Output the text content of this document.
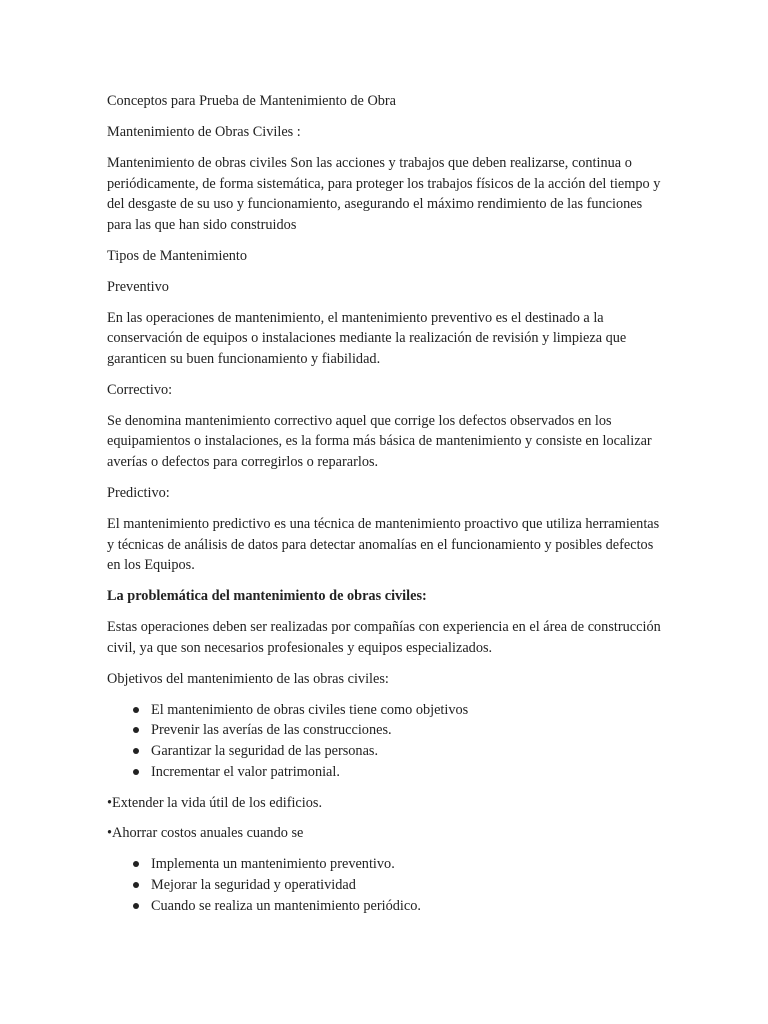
Conceptos para Prueba de Mantenimiento de Obra

Mantenimiento de Obras Civiles :

Mantenimiento de obras civiles Son las acciones y trabajos que deben realizarse, continua o periódicamente, de forma sistemática, para proteger los trabajos físicos de la acción del tiempo y del desgaste de su uso y funcionamiento, asegurando el máximo rendimiento de las funciones para las que han sido construidos

Tipos de Mantenimiento

Preventivo

En las operaciones de mantenimiento, el mantenimiento preventivo es el destinado a la conservación de equipos o instalaciones mediante la realización de revisión y limpieza que garanticen su buen funcionamiento y fiabilidad.

Correctivo:

Se denomina mantenimiento correctivo aquel que corrige los defectos observados en los equipamientos o instalaciones, es la forma más básica de mantenimiento y consiste en localizar averías o defectos para corregirlos o repararlos.

Predictivo:

El mantenimiento predictivo es una técnica de mantenimiento proactivo que utiliza herramientas y técnicas de análisis de datos para detectar anomalías en el funcionamiento y posibles defectos en los Equipos.

La problemática del mantenimiento de obras civiles:

Estas operaciones deben ser realizadas por compañías con experiencia en el área de construcción civil, ya que son necesarios profesionales y equipos especializados.

Objetivos del mantenimiento de las obras civiles:

El mantenimiento de obras civiles tiene como objetivos
Prevenir las averías de las construcciones.
Garantizar la seguridad de las personas.
Incrementar el valor patrimonial.

•Extender la vida útil de los edificios.

•Ahorrar costos anuales cuando se

Implementa un mantenimiento preventivo.
Mejorar la seguridad y operatividad
Cuando se realiza un mantenimiento periódico.
